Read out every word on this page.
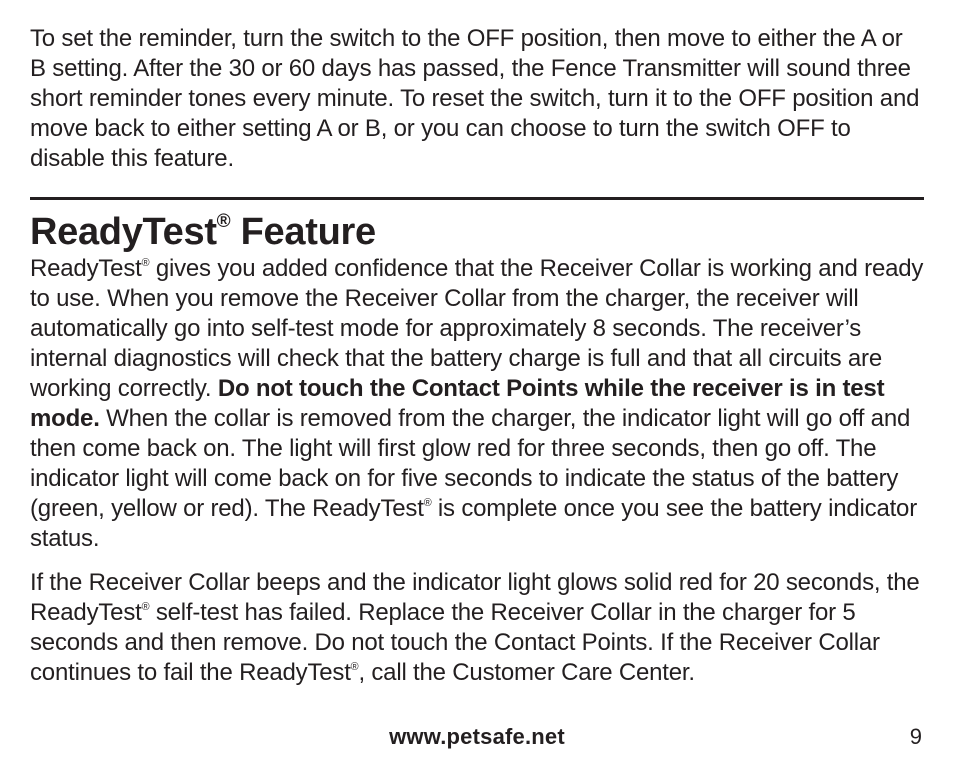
To set the reminder, turn the switch to the OFF position, then move to either the A or B setting. After the 30 or 60 days has passed, the Fence Transmitter will sound three short reminder tones every minute. To reset the switch, turn it to the OFF position and move back to either setting A or B, or you can choose to turn the switch OFF to disable this feature.

ReadyTest® Feature

ReadyTest® gives you added confidence that the Receiver Collar is working and ready to use. When you remove the Receiver Collar from the charger, the receiver will automatically go into self-test mode for approximately 8 seconds. The receiver’s internal diagnostics will check that the battery charge is full and that all circuits are working correctly. Do not touch the Contact Points while the receiver is in test mode. When the collar is removed from the charger, the indicator light will go off and then come back on. The light will first glow red for three seconds, then go off. The indicator light will come back on for five seconds to indicate the status of the battery (green, yellow or red). The ReadyTest® is complete once you see the battery indicator status.

If the Receiver Collar beeps and the indicator light glows solid red for 20 seconds, the ReadyTest® self-test has failed. Replace the Receiver Collar in the charger for 5 seconds and then remove. Do not touch the Contact Points. If the Receiver Collar continues to fail the ReadyTest®, call the Customer Care Center.

www.petsafe.net	9
